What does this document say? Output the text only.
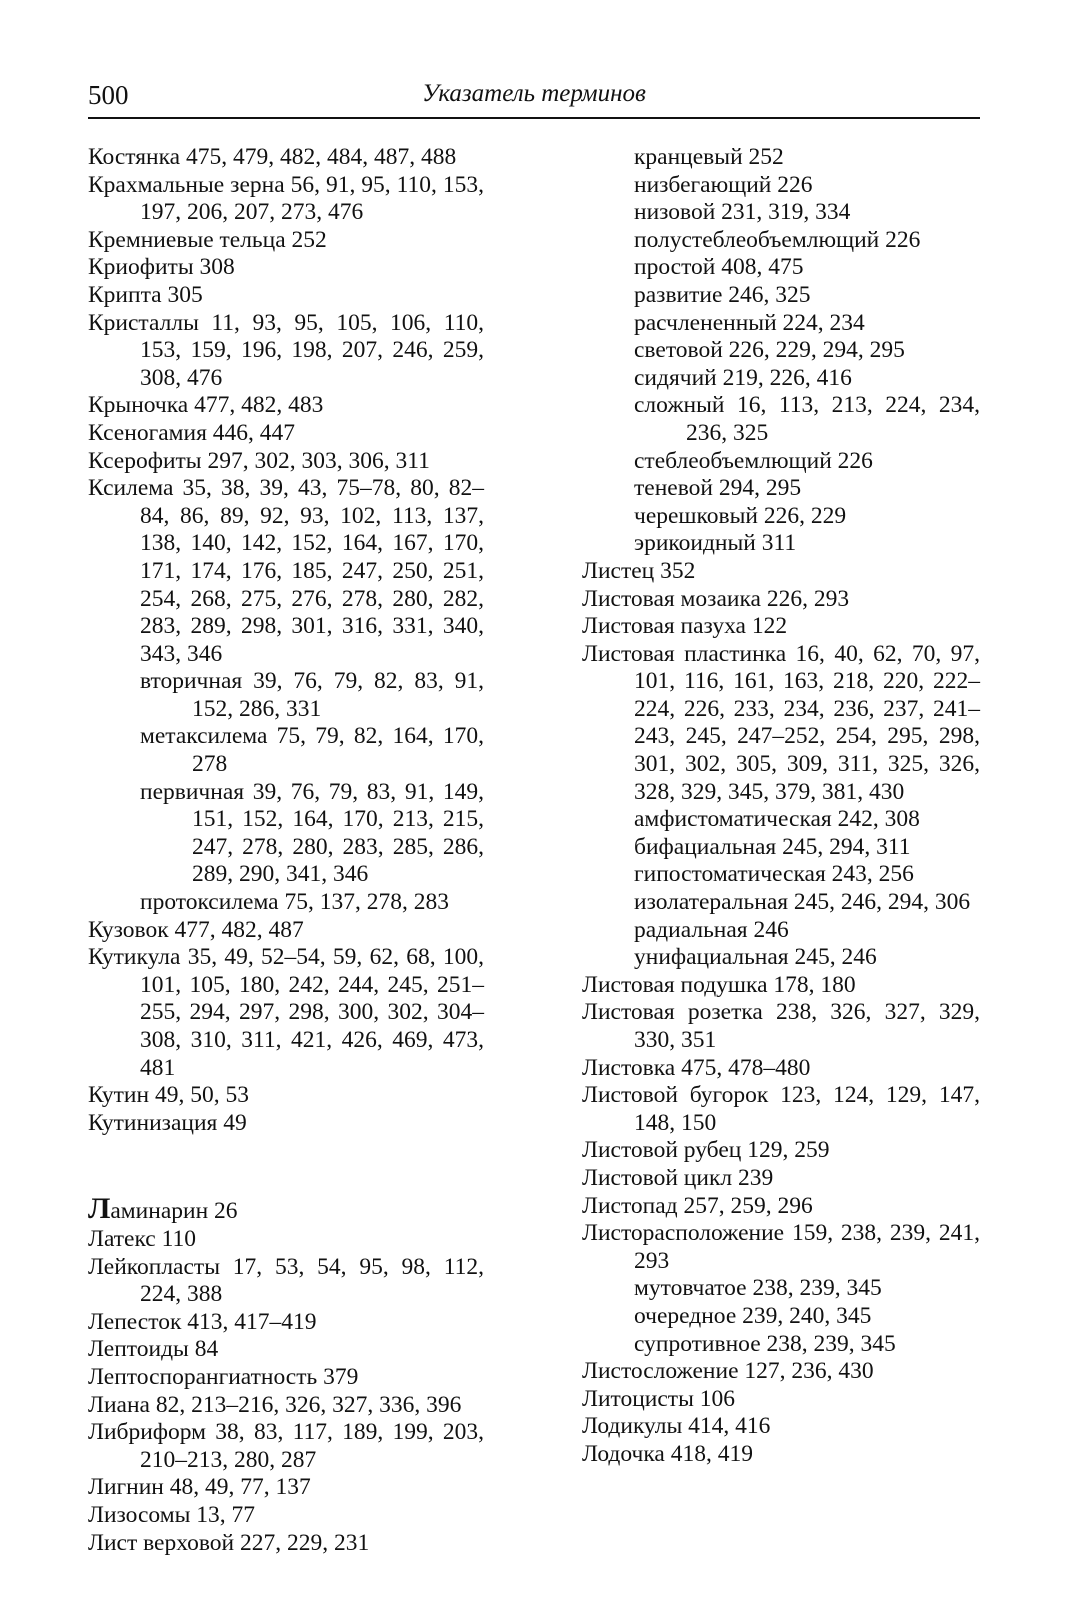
500	Указатель терминов
Костянка 475, 479, 482, 484, 487, 488
Крахмальные зерна 56, 91, 95, 110, 153, 197, 206, 207, 273, 476
Кремниевые тельца 252
Криофиты 308
Крипта 305
Кристаллы 11, 93, 95, 105, 106, 110, 153, 159, 196, 198, 207, 246, 259, 308, 476
Крыночка 477, 482, 483
Ксеногамия 446, 447
Ксерофиты 297, 302, 303, 306, 311
Ксилема 35, 38, 39, 43, 75–78, 80, 82–84, 86, 89, 92, 93, 102, 113, 137, 138, 140, 142, 152, 164, 167, 170, 171, 174, 176, 185, 247, 250, 251, 254, 268, 275, 276, 278, 280, 282, 283, 289, 298, 301, 316, 331, 340, 343, 346
вторичная 39, 76, 79, 82, 83, 91, 152, 286, 331
метаксилема 75, 79, 82, 164, 170, 278
первичная 39, 76, 79, 83, 91, 149, 151, 152, 164, 170, 213, 215, 247, 278, 280, 283, 285, 286, 289, 290, 341, 346
протоксилема 75, 137, 278, 283
Кузовок 477, 482, 487
Кутикула 35, 49, 52–54, 59, 62, 68, 100, 101, 105, 180, 242, 244, 245, 251–255, 294, 297, 298, 300, 302, 304–308, 310, 311, 421, 426, 469, 473, 481
Кутин 49, 50, 53
Кутинизация 49
Ламинарин 26
Латекс 110
Лейкопласты 17, 53, 54, 95, 98, 112, 224, 388
Лепесток 413, 417–419
Лептоиды 84
Лептоспорангиатность 379
Лиана 82, 213–216, 326, 327, 336, 396
Либриформ 38, 83, 117, 189, 199, 203, 210–213, 280, 287
Лигнин 48, 49, 77, 137
Лизосомы 13, 77
Лист верховой 227, 229, 231
кранцевый 252
низбегающий 226
низовой 231, 319, 334
полустеблеобъемлющий 226
простой 408, 475
развитие 246, 325
расчлененный 224, 234
световой 226, 229, 294, 295
сидячий 219, 226, 416
сложный 16, 113, 213, 224, 234, 236, 325
стеблеобъемлющий 226
теневой 294, 295
черешковый 226, 229
эрикоидный 311
Листец 352
Листовая мозаика 226, 293
Листовая пазуха 122
Листовая пластинка 16, 40, 62, 70, 97, 101, 116, 161, 163, 218, 220, 222–224, 226, 233, 234, 236, 237, 241–243, 245, 247–252, 254, 295, 298, 301, 302, 305, 309, 311, 325, 326, 328, 329, 345, 379, 381, 430
амфистоматическая 242, 308
бифациальная 245, 294, 311
гипостоматическая 243, 256
изолатеральная 245, 246, 294, 306
радиальная 246
унифациальная 245, 246
Листовая подушка 178, 180
Листовая розетка 238, 326, 327, 329, 330, 351
Листовка 475, 478–480
Листовой бугорок 123, 124, 129, 147, 148, 150
Листовой рубец 129, 259
Листовой цикл 239
Листопад 257, 259, 296
Листорасположение 159, 238, 239, 241, 293
мутовчатое 238, 239, 345
очередное 239, 240, 345
супротивное 238, 239, 345
Листосложение 127, 236, 430
Литоцисты 106
Лодикулы 414, 416
Лодочка 418, 419
